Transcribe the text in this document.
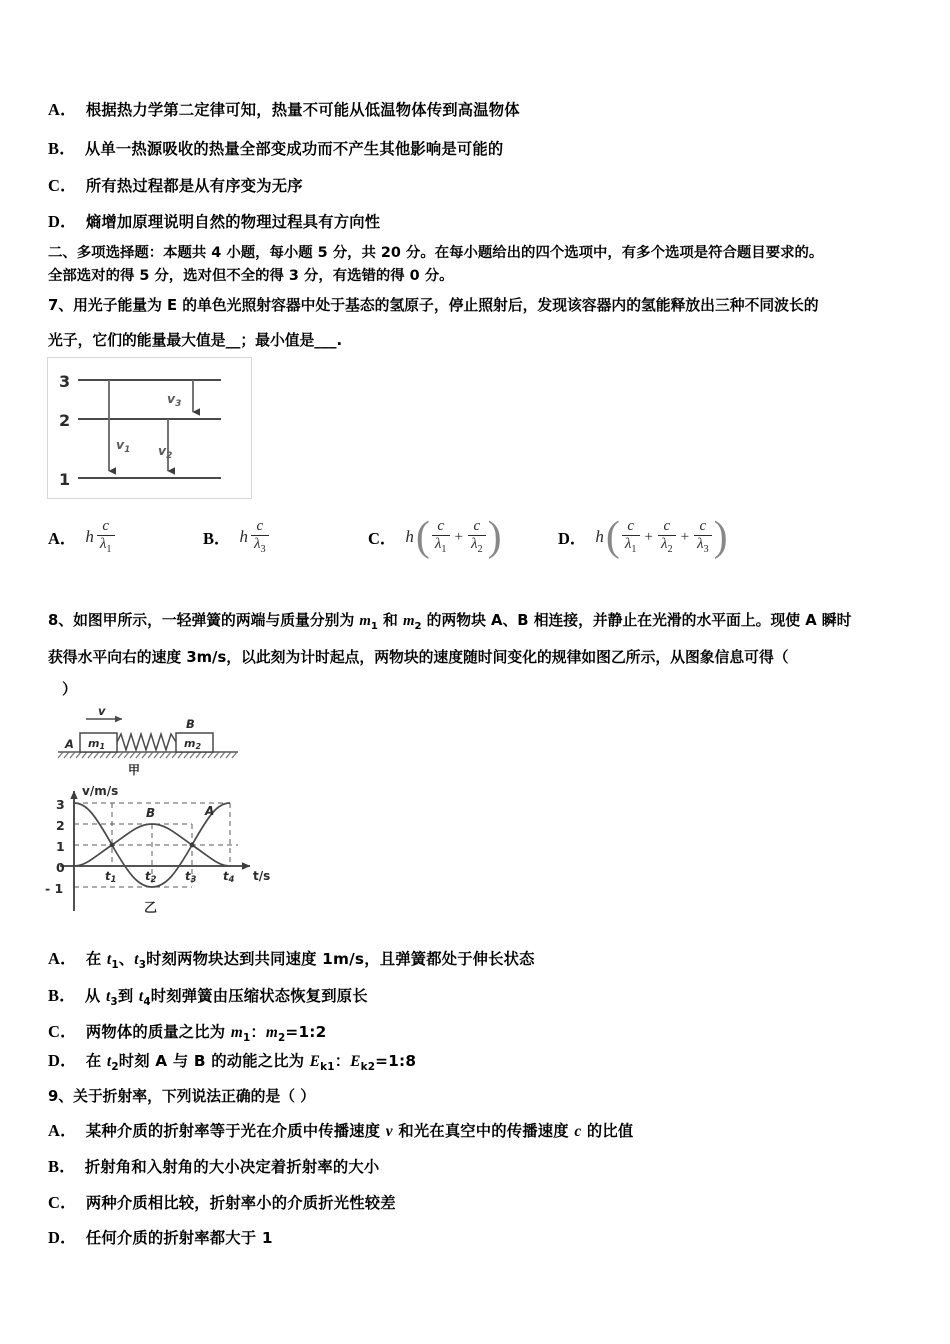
A． 根据热力学第二定律可知，热量不可能从低温物体传到高温物体
B． 从单一热源吸收的热量全部变成功而不产生其他影响是可能的
C． 所有热过程都是从有序变为无序
D． 熵增加原理说明自然的物理过程具有方向性
二、多项选择题：本题共 4 小题，每小题 5 分，共 20 分。在每小题给出的四个选项中，有多个选项是符合题目要求的。
全部选对的得 5 分，选对但不全的得 3 分，有选错的得 0 分。
7、用光子能量为 E 的单色光照射容器中处于基态的氢原子，停止照射后，发现该容器内的氢能释放出三种不同波长的
光子，它们的能量最大值是__；最小值是___.
3
2
1
$v_1$ $v_2$
$v_3$
A． h
c
$\lambda_1$
B． h
c
$\lambda_3$
C． h ( c
$\lambda_1$
+
c
$\lambda_2$ )	D． h ( c
$\lambda_1$
+
c
$\lambda_2$
+
c
$\lambda_3$ )
8、如图甲所示，一轻弹簧的两端与质量分别为 $m_1$ 和 $m_2$ 的两物块 A、B 相连接，并静止在光滑的水平面上。现使 A 瞬时
获得水平向右的速度 3m/s，以此刻为计时起点，两物块的速度随时间变化的规律如图乙所示，从图象信息可得（
）
m1	m2
v
A
B
甲
3
2
1
0
- 1
t1 t2 t3 t4
v/m/s
t/s
A
B
乙
A． 在 $t_1$、$t_3$时刻两物块达到共同速度 1m/s，且弹簧都处于伸长状态
B． 从 $t_3$到 $t_4$时刻弹簧由压缩状态恢复到原长
C． 两物体的质量之比为 $m_1$：$m_2=1:2$
D． 在 $t_2$时刻 A 与 B 的动能之比为 $E_{k1}$：$E_{k2}=1:8$
9、关于折射率，下列说法正确的是（ ）
A． 某种介质的折射率等于光在介质中传播速度 v 和光在真空中的传播速度 c 的比值
B． 折射角和入射角的大小决定着折射率的大小
C． 两种介质相比较，折射率小的介质折光性较差
D． 任何介质的折射率都大于 1
